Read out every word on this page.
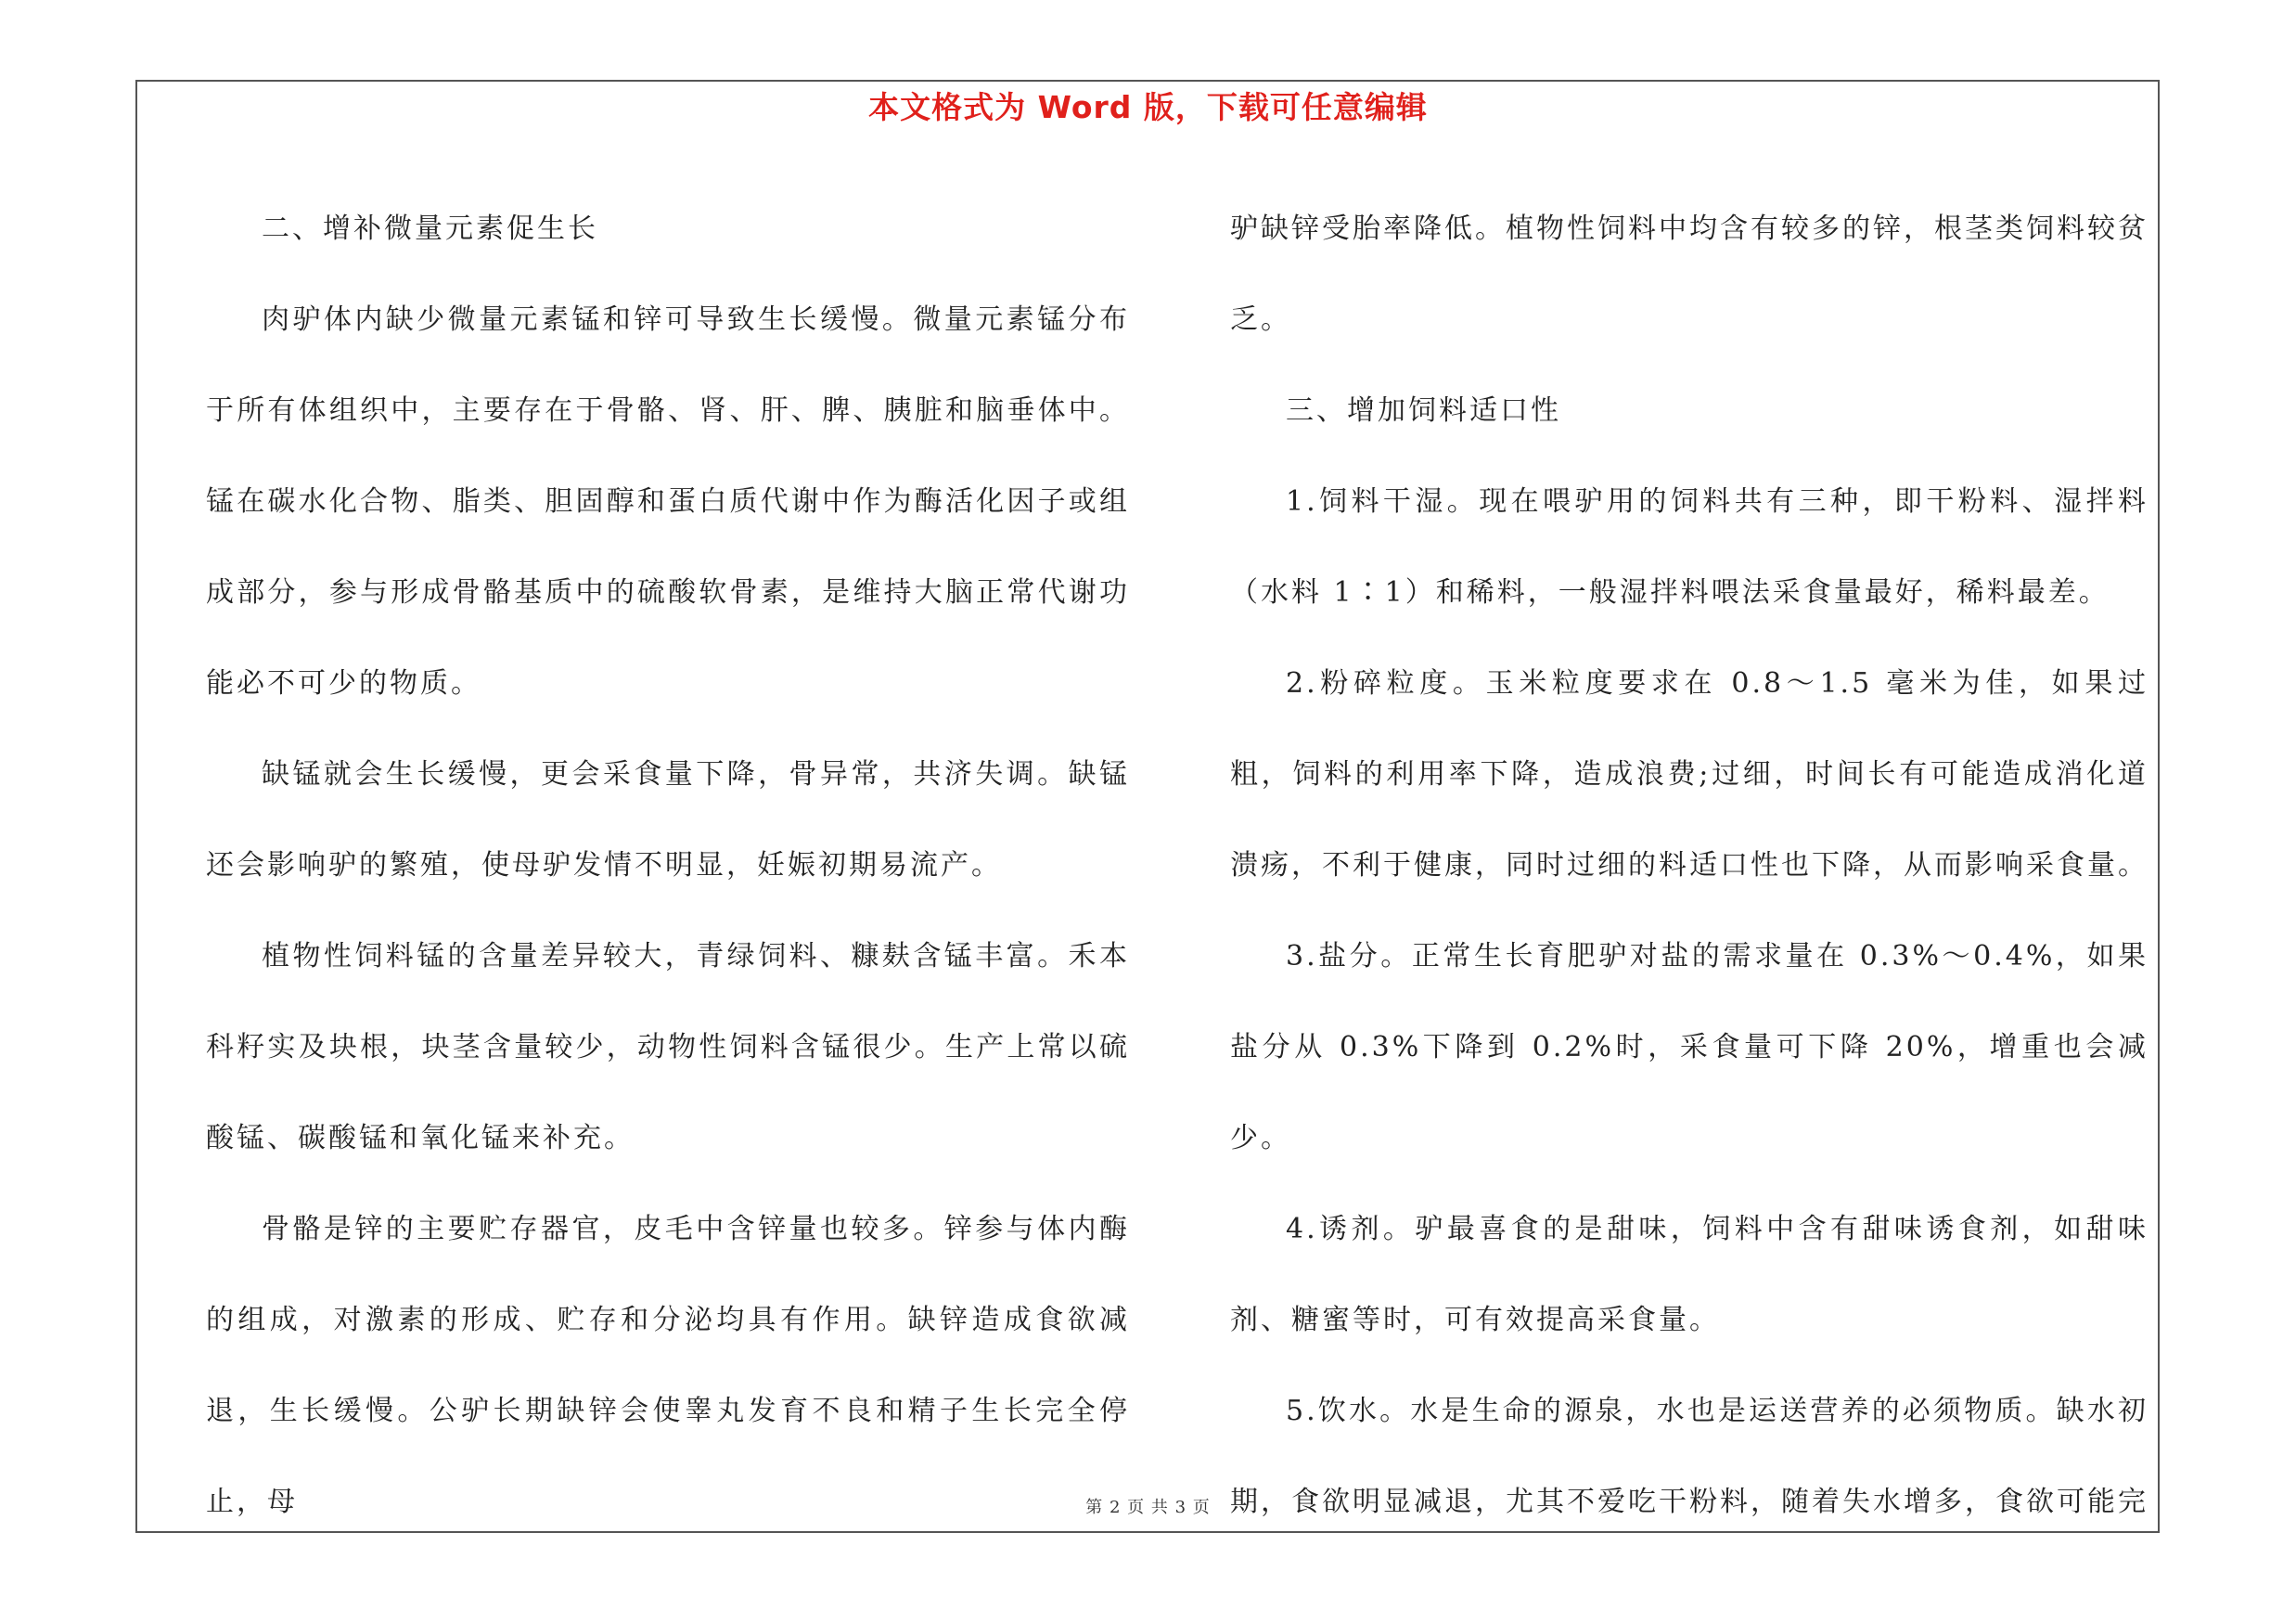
本文格式为 Word 版，下载可任意编辑

二、增补微量元素促生长

肉驴体内缺少微量元素锰和锌可导致生长缓慢。微量元素锰分布于所有体组织中，主要存在于骨骼、肾、肝、脾、胰脏和脑垂体中。锰在碳水化合物、脂类、胆固醇和蛋白质代谢中作为酶活化因子或组成部分，参与形成骨骼基质中的硫酸软骨素，是维持大脑正常代谢功能必不可少的物质。

缺锰就会生长缓慢，更会采食量下降，骨异常，共济失调。缺锰还会影响驴的繁殖，使母驴发情不明显，妊娠初期易流产。

植物性饲料锰的含量差异较大，青绿饲料、糠麸含锰丰富。禾本科籽实及块根，块茎含量较少，动物性饲料含锰很少。生产上常以硫酸锰、碳酸锰和氧化锰来补充。

骨骼是锌的主要贮存器官，皮毛中含锌量也较多。锌参与体内酶的组成，对激素的形成、贮存和分泌均具有作用。缺锌造成食欲减退，生长缓慢。公驴长期缺锌会使睾丸发育不良和精子生长完全停止，母

驴缺锌受胎率降低。植物性饲料中均含有较多的锌，根茎类饲料较贫乏。

三、增加饲料适口性

1.饲料干湿。现在喂驴用的饲料共有三种，即干粉料、湿拌料（水料 1∶1）和稀料，一般湿拌料喂法采食量最好，稀料最差。

2.粉碎粒度。玉米粒度要求在 0.8～1.5 毫米为佳，如果过粗，饲料的利用率下降，造成浪费;过细，时间长有可能造成消化道溃疡，不利于健康，同时过细的料适口性也下降，从而影响采食量。

3.盐分。正常生长育肥驴对盐的需求量在 0.3%～0.4%，如果盐分从 0.3%下降到 0.2%时，采食量可下降 20%，增重也会减少。

4.诱剂。驴最喜食的是甜味，饲料中含有甜味诱食剂，如甜味剂、糖蜜等时，可有效提高采食量。

5.饮水。水是生命的源泉，水也是运送营养的必须物质。缺水初期，食欲明显减退，尤其不爱吃干粉料，随着失水增多，食欲可能完

第 2 页 共 3 页
